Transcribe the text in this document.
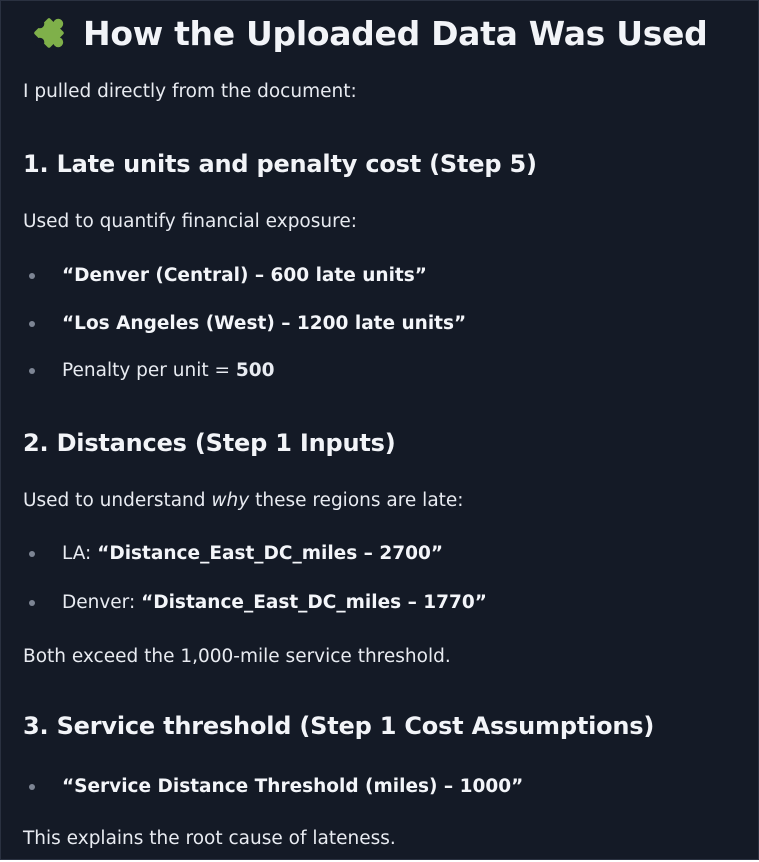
How the Uploaded Data Was Used
I pulled directly from the document:
1. Late units and penalty cost (Step 5)
Used to quantify financial exposure:
“Denver (Central) – 600 late units”
“Los Angeles (West) – 1200 late units”
Penalty per unit = 500
2. Distances (Step 1 Inputs)
Used to understand why these regions are late:
LA: “Distance_East_DC_miles – 2700”
Denver: “Distance_East_DC_miles – 1770”
Both exceed the 1,000-mile service threshold.
3. Service threshold (Step 1 Cost Assumptions)
“Service Distance Threshold (miles) – 1000”
This explains the root cause of lateness.
